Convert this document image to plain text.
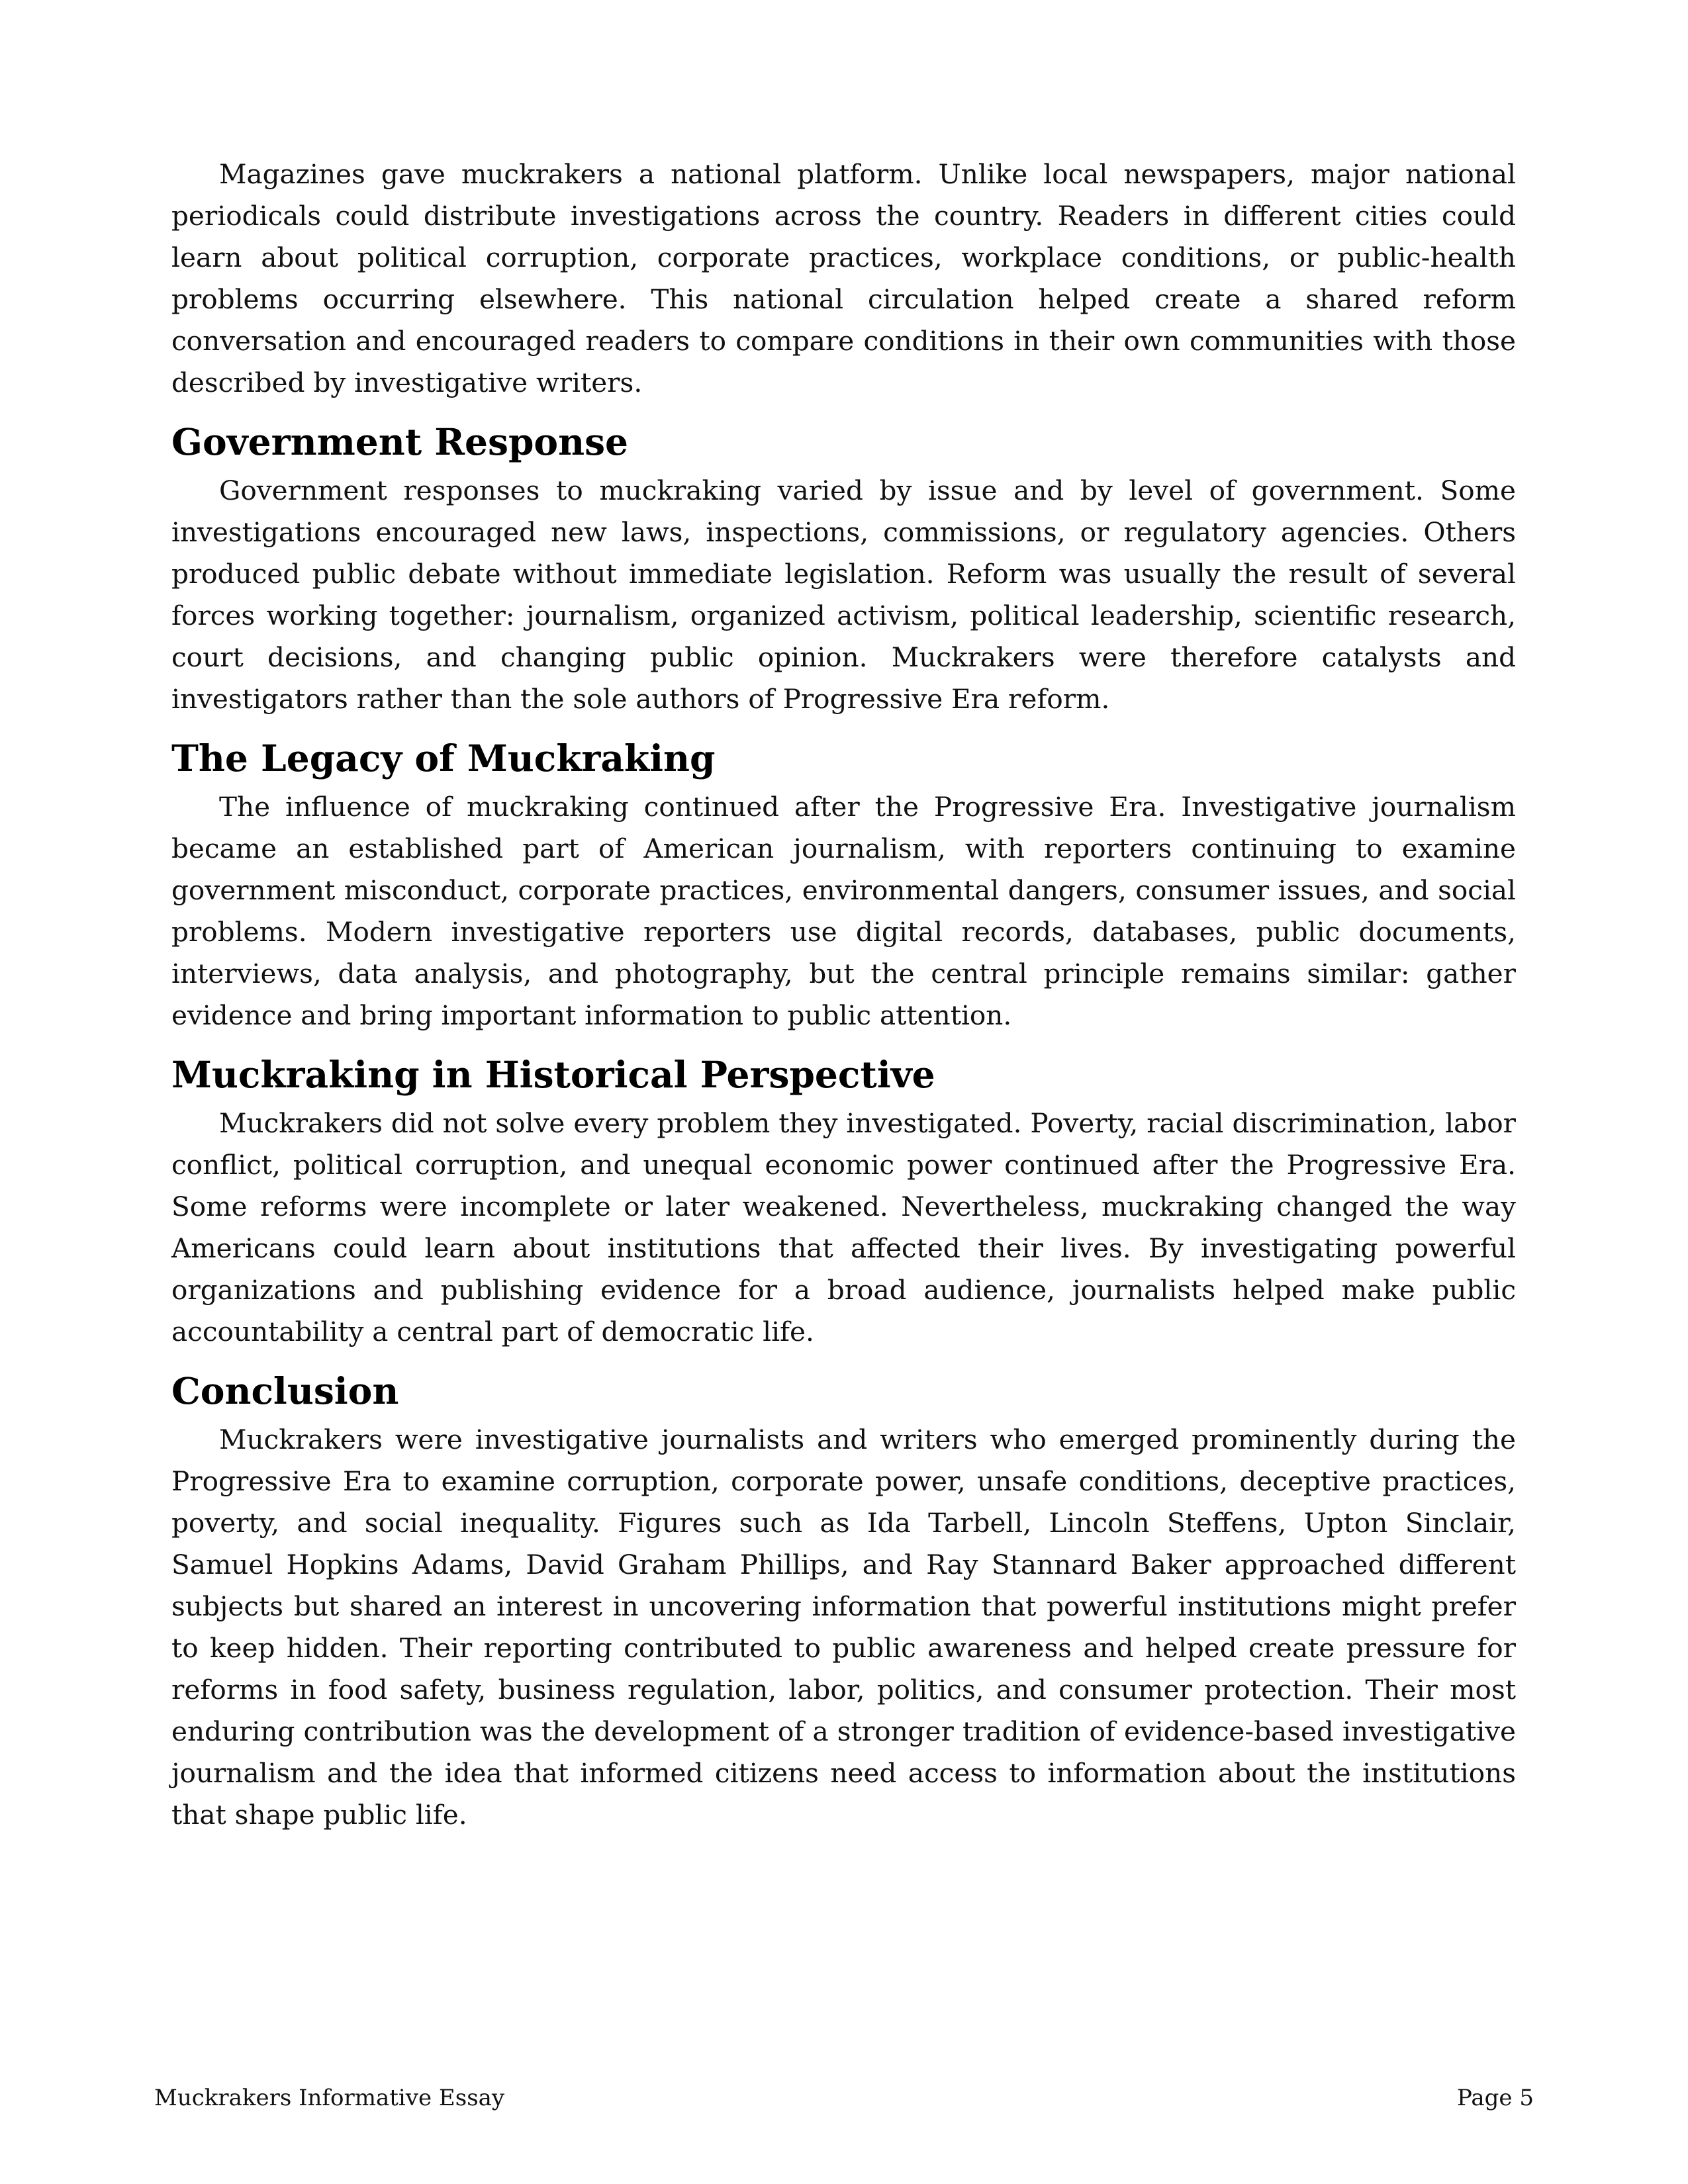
Magazines gave muckrakers a national platform. Unlike local newspapers, major national periodicals could distribute investigations across the country. Readers in different cities could learn about political corruption, corporate practices, workplace conditions, or public-health problems occurring elsewhere. This national circulation helped create a shared reform conversation and encouraged readers to compare conditions in their own communities with those described by investigative writers.

Government Response

Government responses to muckraking varied by issue and by level of government. Some investigations encouraged new laws, inspections, commissions, or regulatory agencies. Others produced public debate without immediate legislation. Reform was usually the result of several forces working together: journalism, organized activism, political leadership, scientific research, court decisions, and changing public opinion. Muckrakers were therefore catalysts and investigators rather than the sole authors of Progressive Era reform.

The Legacy of Muckraking

The influence of muckraking continued after the Progressive Era. Investigative journalism became an established part of American journalism, with reporters continuing to examine government misconduct, corporate practices, environmental dangers, consumer issues, and social problems. Modern investigative reporters use digital records, databases, public documents, interviews, data analysis, and photography, but the central principle remains similar: gather evidence and bring important information to public attention.

Muckraking in Historical Perspective

Muckrakers did not solve every problem they investigated. Poverty, racial discrimination, labor conflict, political corruption, and unequal economic power continued after the Progressive Era. Some reforms were incomplete or later weakened. Nevertheless, muckraking changed the way Americans could learn about institutions that affected their lives. By investigating powerful organizations and publishing evidence for a broad audience, journalists helped make public accountability a central part of democratic life.

Conclusion

Muckrakers were investigative journalists and writers who emerged prominently during the Progressive Era to examine corruption, corporate power, unsafe conditions, deceptive practices, poverty, and social inequality. Figures such as Ida Tarbell, Lincoln Steffens, Upton Sinclair, Samuel Hopkins Adams, David Graham Phillips, and Ray Stannard Baker approached different subjects but shared an interest in uncovering information that powerful institutions might prefer to keep hidden. Their reporting contributed to public awareness and helped create pressure for reforms in food safety, business regulation, labor, politics, and consumer protection. Their most enduring contribution was the development of a stronger tradition of evidence-based investigative journalism and the idea that informed citizens need access to information about the institutions that shape public life.

Muckrakers Informative Essay	Page 5
